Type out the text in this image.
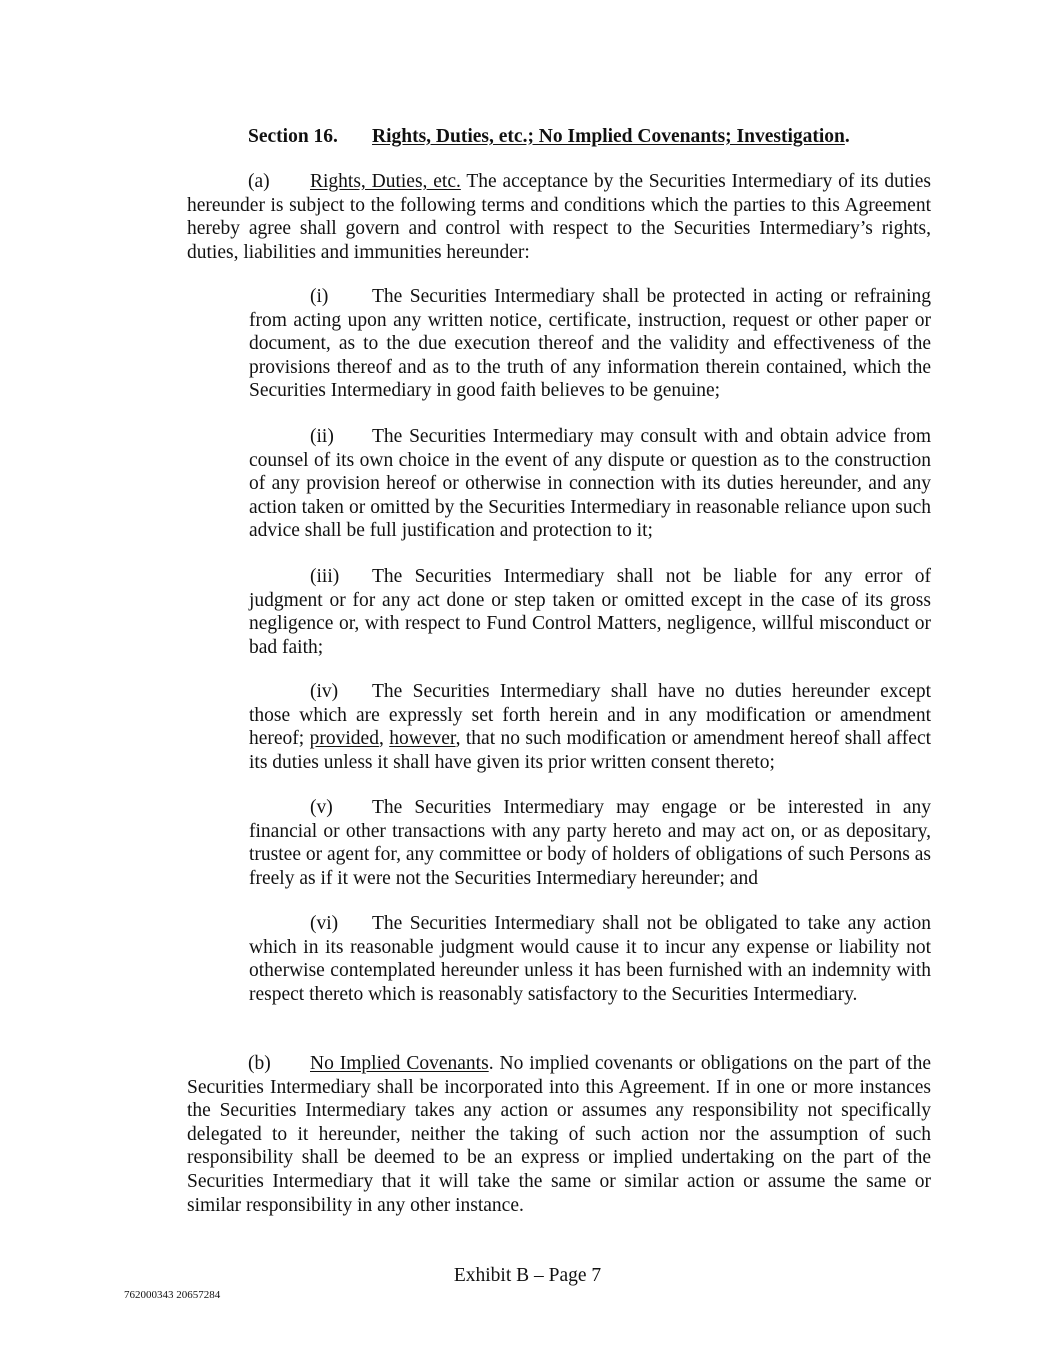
Section 16. Rights, Duties, etc.; No Implied Covenants; Investigation.

(a) Rights, Duties, etc. The acceptance by the Securities Intermediary of its duties hereunder is subject to the following terms and conditions which the parties to this Agreement hereby agree shall govern and control with respect to the Securities Intermediary’s rights, duties, liabilities and immunities hereunder:

(i) The Securities Intermediary shall be protected in acting or refraining from acting upon any written notice, certificate, instruction, request or other paper or document, as to the due execution thereof and the validity and effectiveness of the provisions thereof and as to the truth of any information therein contained, which the Securities Intermediary in good faith believes to be genuine;

(ii) The Securities Intermediary may consult with and obtain advice from counsel of its own choice in the event of any dispute or question as to the construction of any provision hereof or otherwise in connection with its duties hereunder, and any action taken or omitted by the Securities Intermediary in reasonable reliance upon such advice shall be full justification and protection to it;

(iii) The Securities Intermediary shall not be liable for any error of judgment or for any act done or step taken or omitted except in the case of its gross negligence or, with respect to Fund Control Matters, negligence, willful misconduct or bad faith;

(iv) The Securities Intermediary shall have no duties hereunder except those which are expressly set forth herein and in any modification or amendment hereof; provided, however, that no such modification or amendment hereof shall affect its duties unless it shall have given its prior written consent thereto;

(v) The Securities Intermediary may engage or be interested in any financial or other transactions with any party hereto and may act on, or as depositary, trustee or agent for, any committee or body of holders of obligations of such Persons as freely as if it were not the Securities Intermediary hereunder; and

(vi) The Securities Intermediary shall not be obligated to take any action which in its reasonable judgment would cause it to incur any expense or liability not otherwise contemplated hereunder unless it has been furnished with an indemnity with respect thereto which is reasonably satisfactory to the Securities Intermediary.

(b) No Implied Covenants. No implied covenants or obligations on the part of the Securities Intermediary shall be incorporated into this Agreement. If in one or more instances the Securities Intermediary takes any action or assumes any responsibility not specifically delegated to it hereunder, neither the taking of such action nor the assumption of such responsibility shall be deemed to be an express or implied undertaking on the part of the Securities Intermediary that it will take the same or similar action or assume the same or similar responsibility in any other instance.

Exhibit B – Page 7
762000343 20657284
